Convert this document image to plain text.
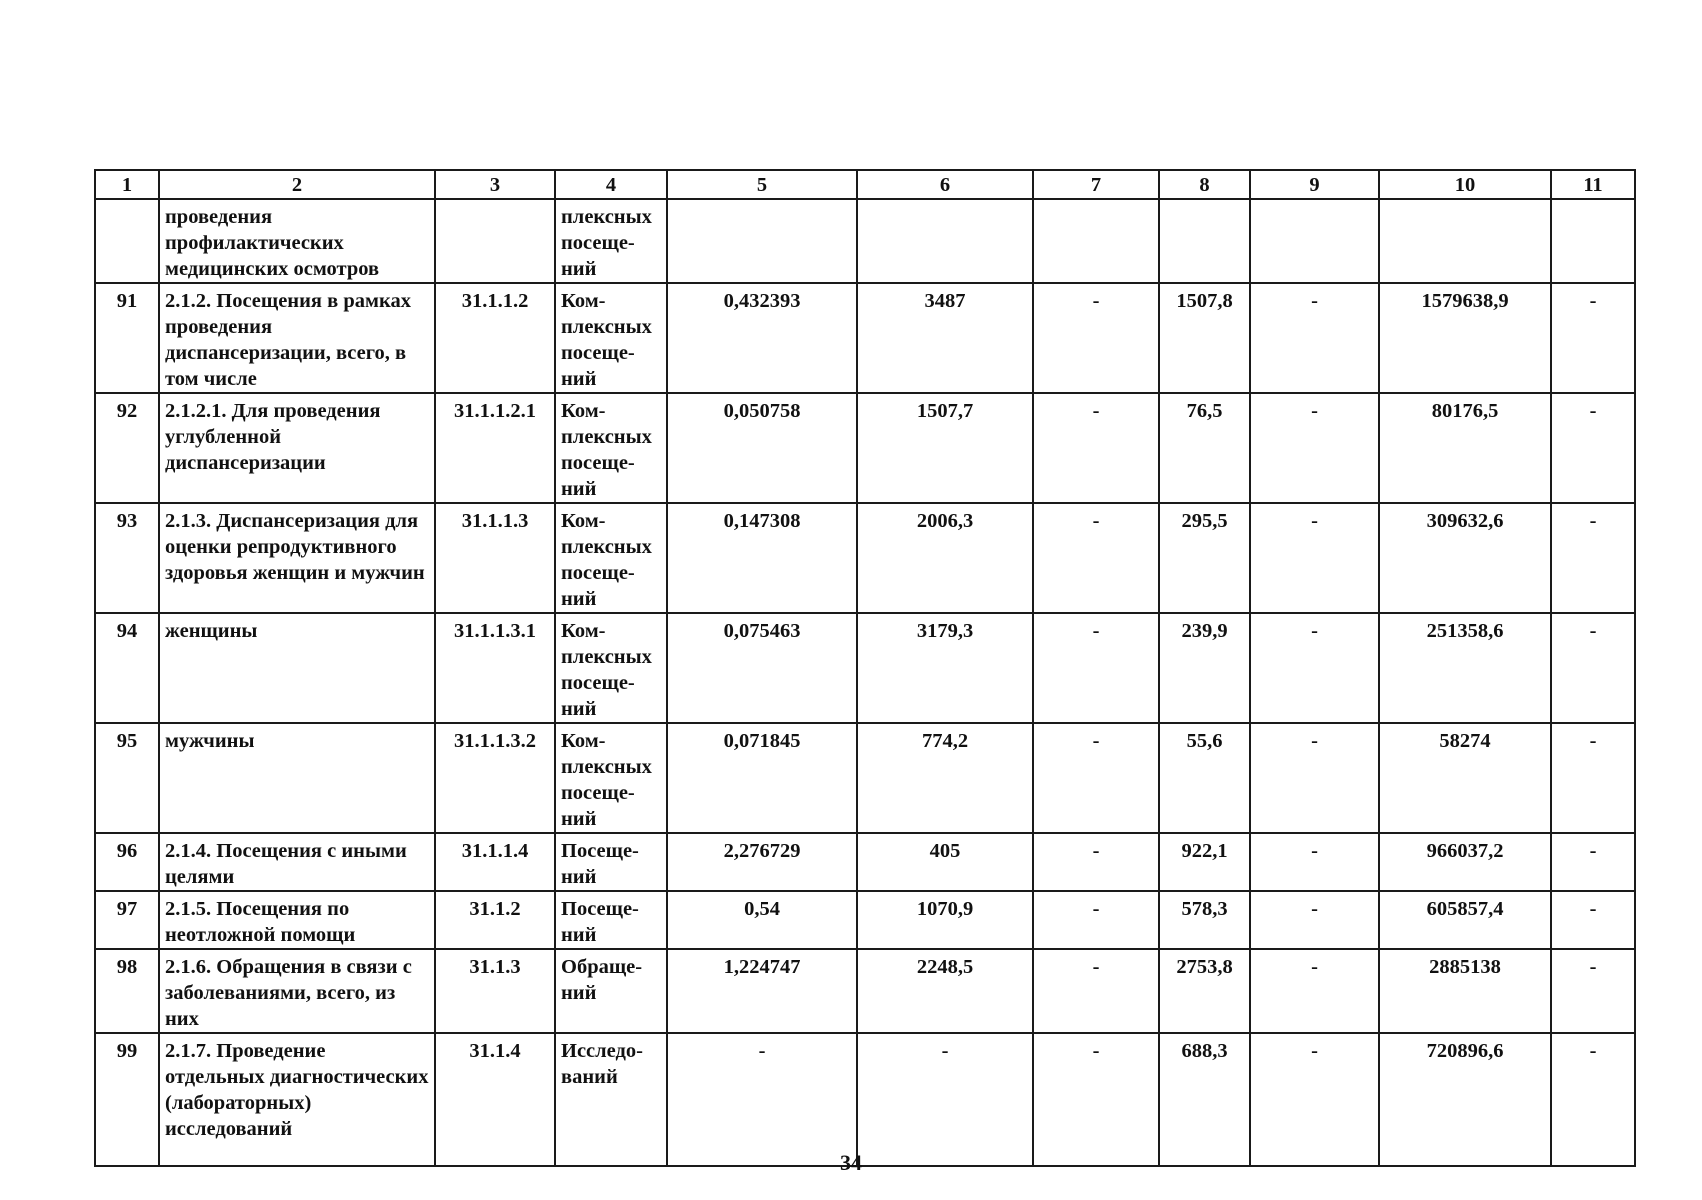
1	2	3	4	5	6	7	8	9	10	11
	проведения профилактических медицинских осмотров		плексных посеще-ний							
91	2.1.2. Посещения в рамках проведения диспансеризации, всего, в том числе	31.1.1.2	Ком-плексных посеще-ний	0,432393	3487	-	1507,8	-	1579638,9	-
92	2.1.2.1. Для проведения углубленной диспансеризации	31.1.1.2.1	Ком-плексных посеще-ний	0,050758	1507,7	-	76,5	-	80176,5	-
93	2.1.3. Диспансеризация для оценки репродуктивного здоровья женщин и мужчин	31.1.1.3	Ком-плексных посеще-ний	0,147308	2006,3	-	295,5	-	309632,6	-
94	женщины	31.1.1.3.1	Ком-плексных посеще-ний	0,075463	3179,3	-	239,9	-	251358,6	-
95	мужчины	31.1.1.3.2	Ком-плексных посеще-ний	0,071845	774,2	-	55,6	-	58274	-
96	2.1.4. Посещения с иными целями	31.1.1.4	Посеще-ний	2,276729	405	-	922,1	-	966037,2	-
97	2.1.5. Посещения по неотложной помощи	31.1.2	Посеще-ний	0,54	1070,9	-	578,3	-	605857,4	-
98	2.1.6. Обращения в связи с заболеваниями, всего, из них	31.1.3	Обраще-ний	1,224747	2248,5	-	2753,8	-	2885138	-
99	2.1.7. Проведение отдельных диагностических (лабораторных) исследований	31.1.4	Исследо-ваний	-	-	-	688,3	-	720896,6	-
34
